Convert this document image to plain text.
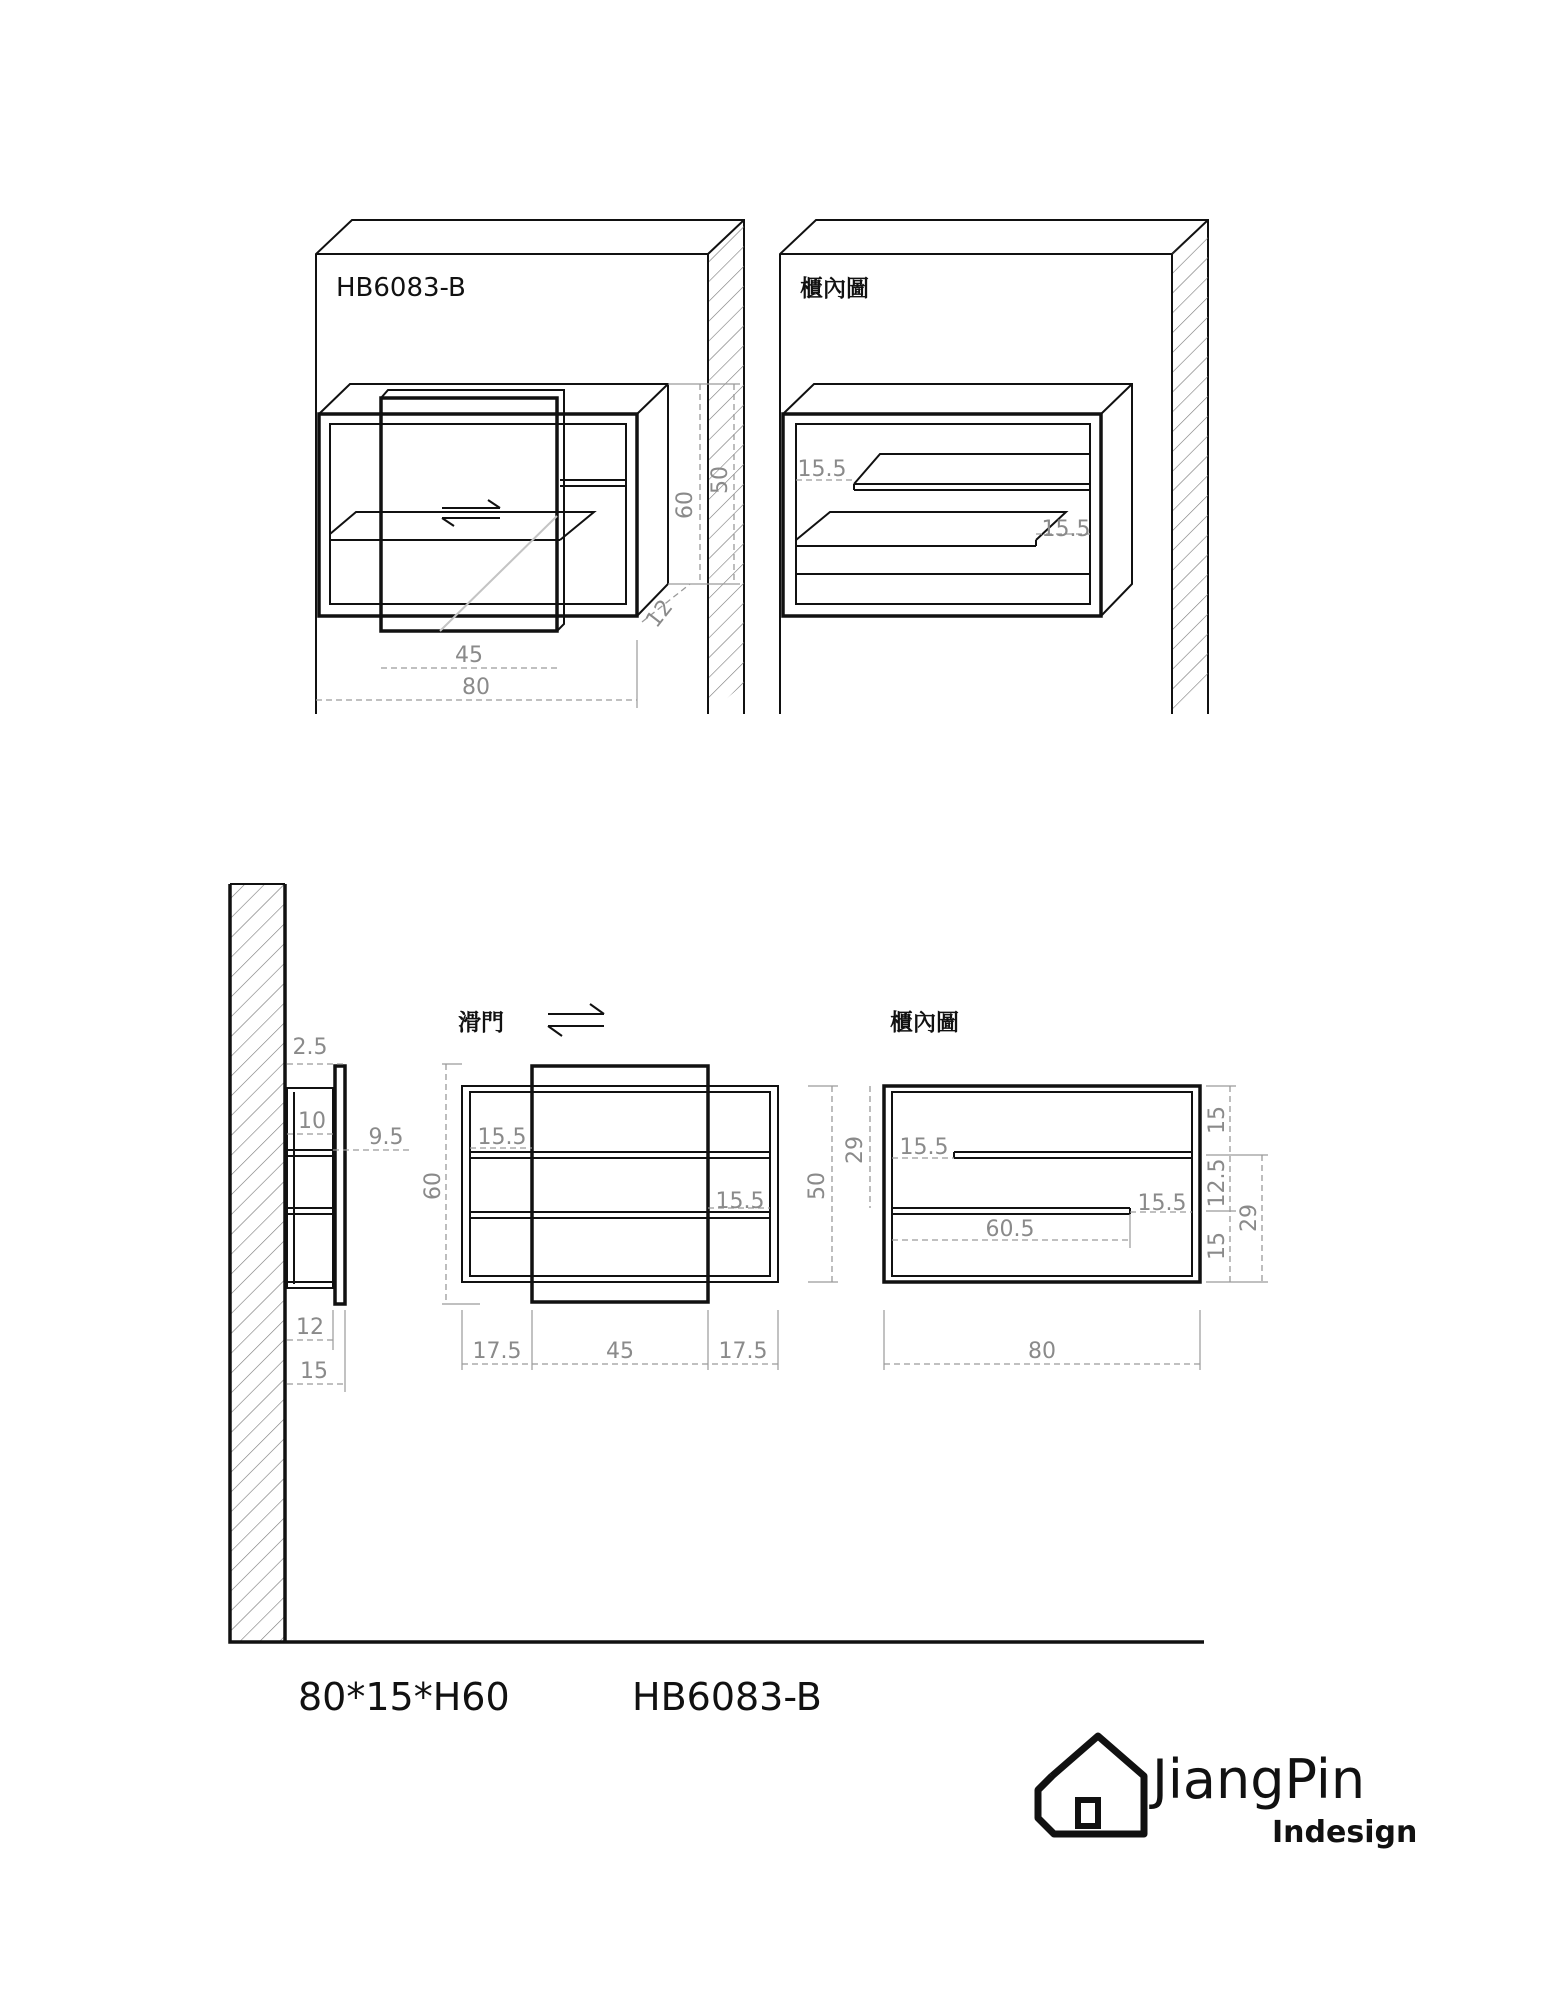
45
80
60
50
12
HB6083-B
15.5
15.5
櫃內圖
2.5
10
9.5
12
15
滑門
60	50
15.5
15.5
17.5	45	17.5
櫃內圖
29 15.5
15.5
60.5
80
15
12.5
15
29
80*15*H60	HB6083-B
JiangPin
Indesign
